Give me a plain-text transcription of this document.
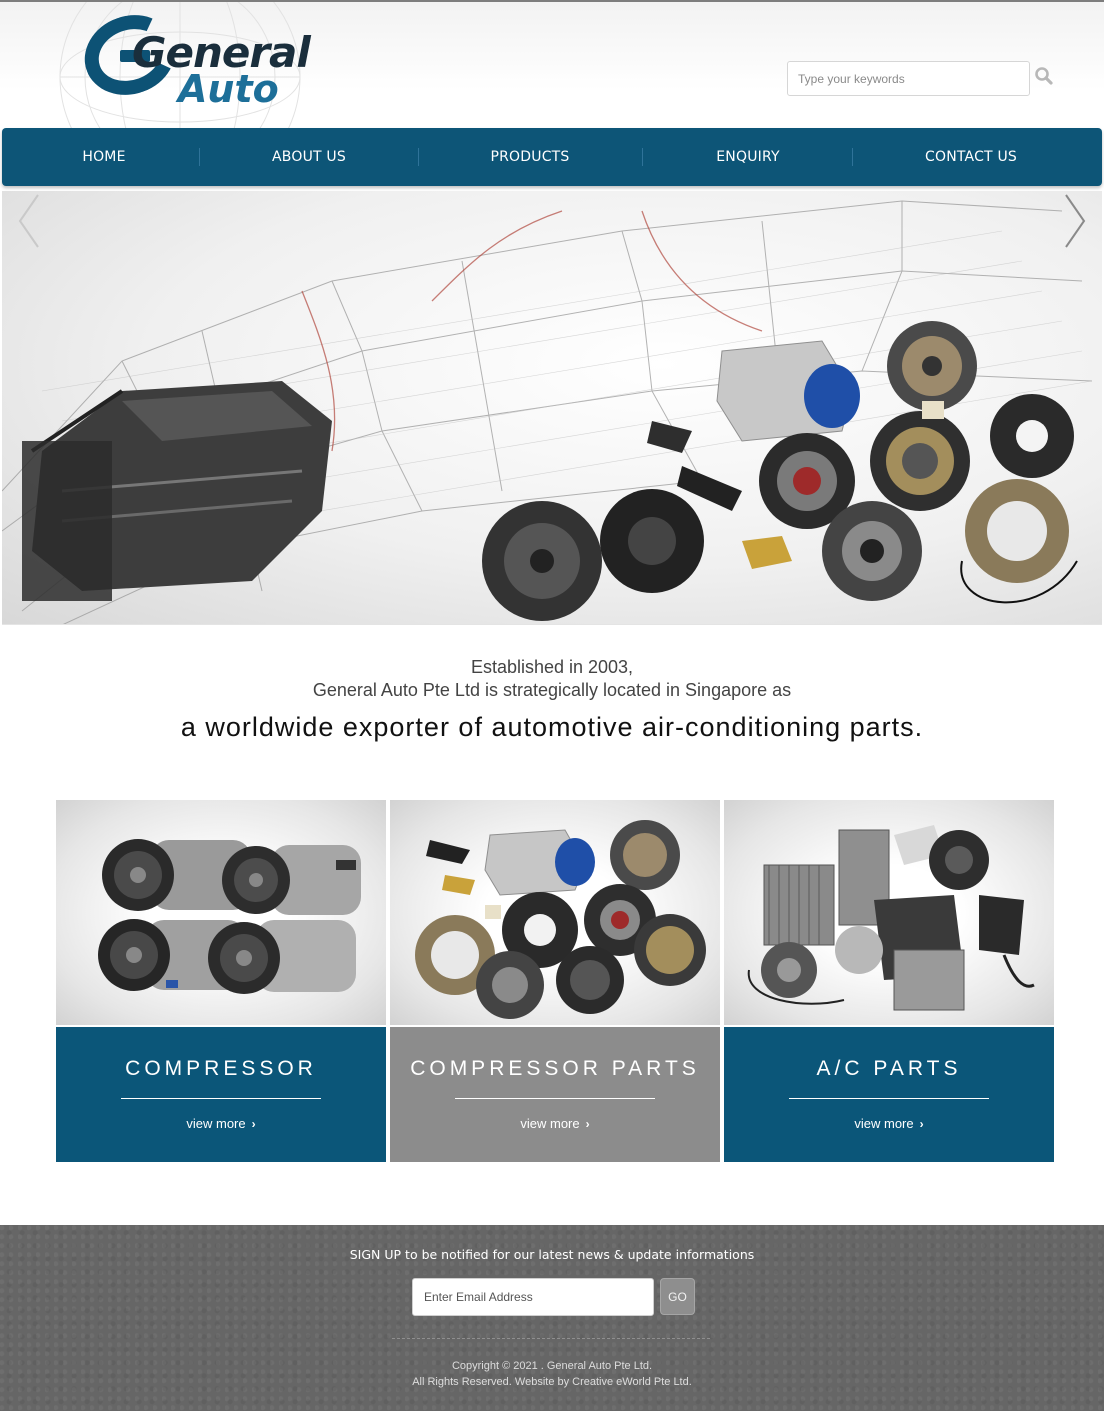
General
Auto
Type your keywords
HOME	ABOUT US	PRODUCTS	ENQUIRY	CONTACT US
Established in 2003,
General Auto Pte Ltd is strategically located in Singapore as
a worldwide exporter of automotive air-conditioning parts.
COMPRESSOR
view more ›
COMPRESSOR PARTS
view more ›
A/C PARTS
view more ›
SIGN UP to be notified for our latest news & update informations
Enter Email Address
GO
Copyright © 2021 . General Auto Pte Ltd.
All Rights Reserved. Website by Creative eWorld Pte Ltd.
